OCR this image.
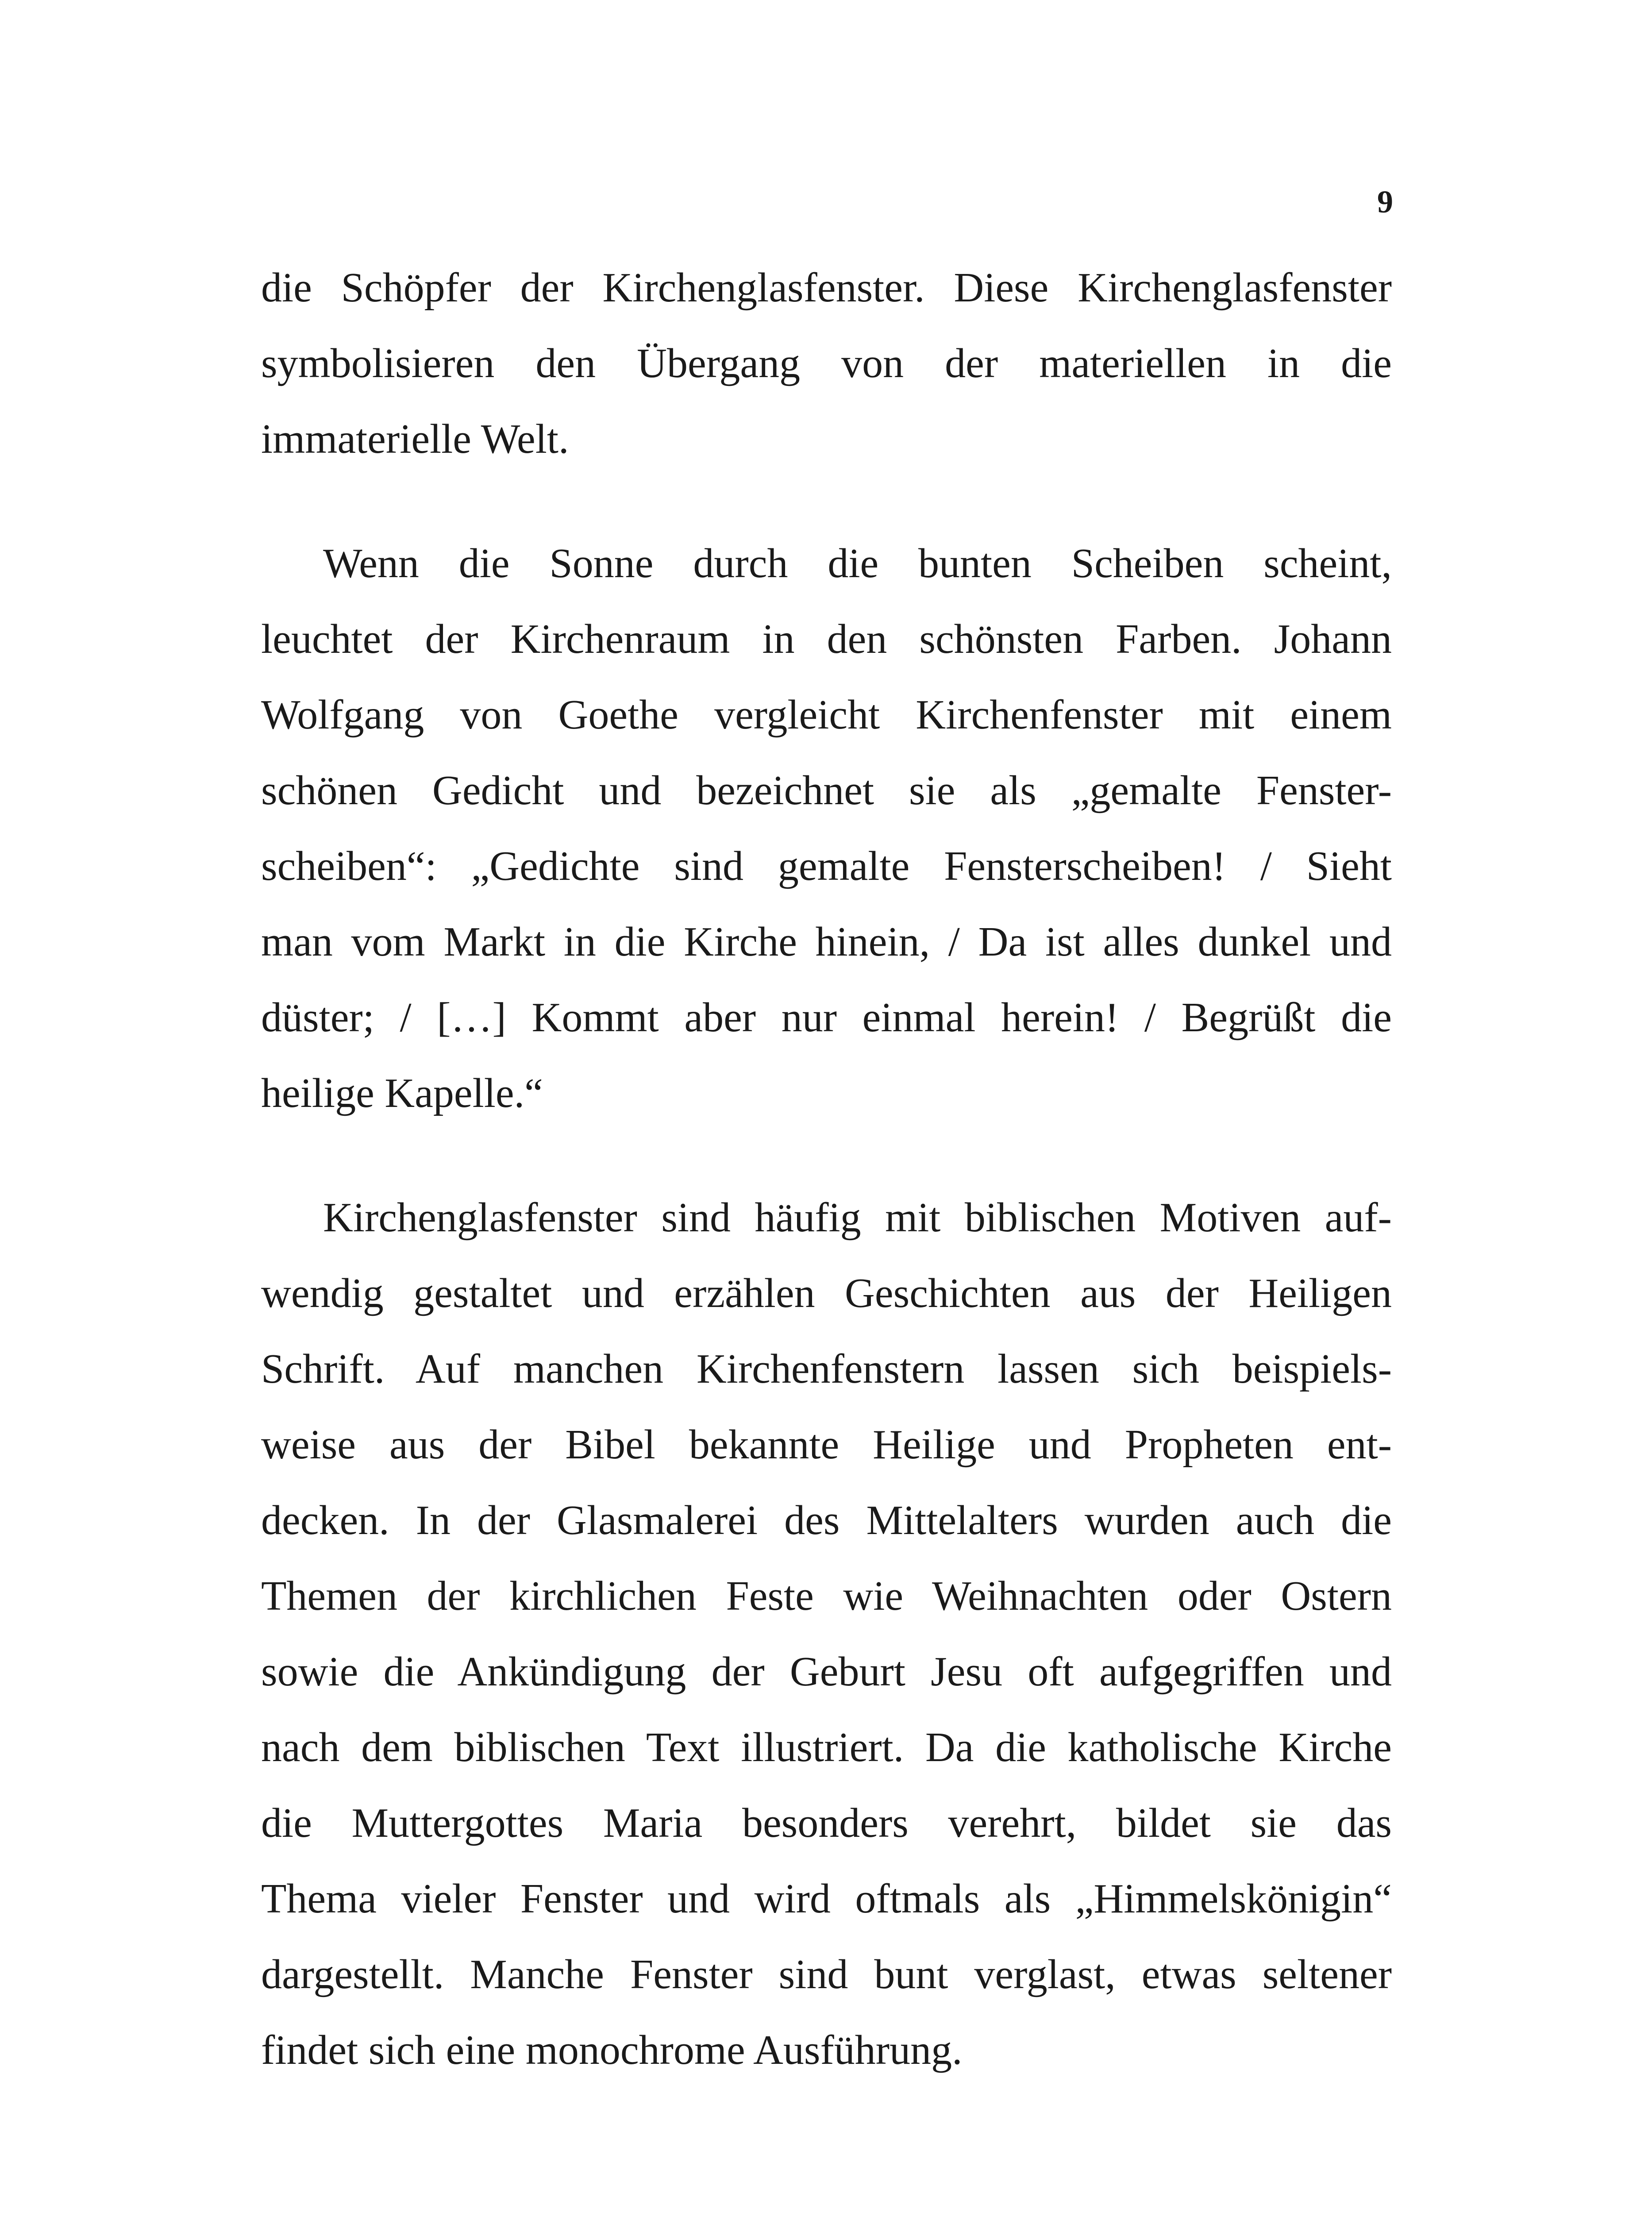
9
die Schöpfer der Kirchenglasfenster. Diese Kirchenglasfenster
symbolisieren den Übergang von der materiellen in die
immaterielle Welt.
Wenn die Sonne durch die bunten Scheiben scheint,
leuchtet der Kirchenraum in den schönsten Farben. Johann
Wolfgang von Goethe vergleicht Kirchenfenster mit einem
schönen Gedicht und bezeichnet sie als „gemalte Fenster-
scheiben“: „Gedichte sind gemalte Fensterscheiben! / Sieht
man vom Markt in die Kirche hinein, / Da ist alles dunkel und
düster; / […] Kommt aber nur einmal herein! / Begrüßt die
heilige Kapelle.“
Kirchenglasfenster sind häufig mit biblischen Motiven auf-
wendig gestaltet und erzählen Geschichten aus der Heiligen
Schrift. Auf manchen Kirchenfenstern lassen sich beispiels-
weise aus der Bibel bekannte Heilige und Propheten ent-
decken. In der Glasmalerei des Mittelalters wurden auch die
Themen der kirchlichen Feste wie Weihnachten oder Ostern
sowie die Ankündigung der Geburt Jesu oft aufgegriffen und
nach dem biblischen Text illustriert. Da die katholische Kirche
die Muttergottes Maria besonders verehrt, bildet sie das
Thema vieler Fenster und wird oftmals als „Himmelskönigin“
dargestellt. Manche Fenster sind bunt verglast, etwas seltener
findet sich eine monochrome Ausführung.
